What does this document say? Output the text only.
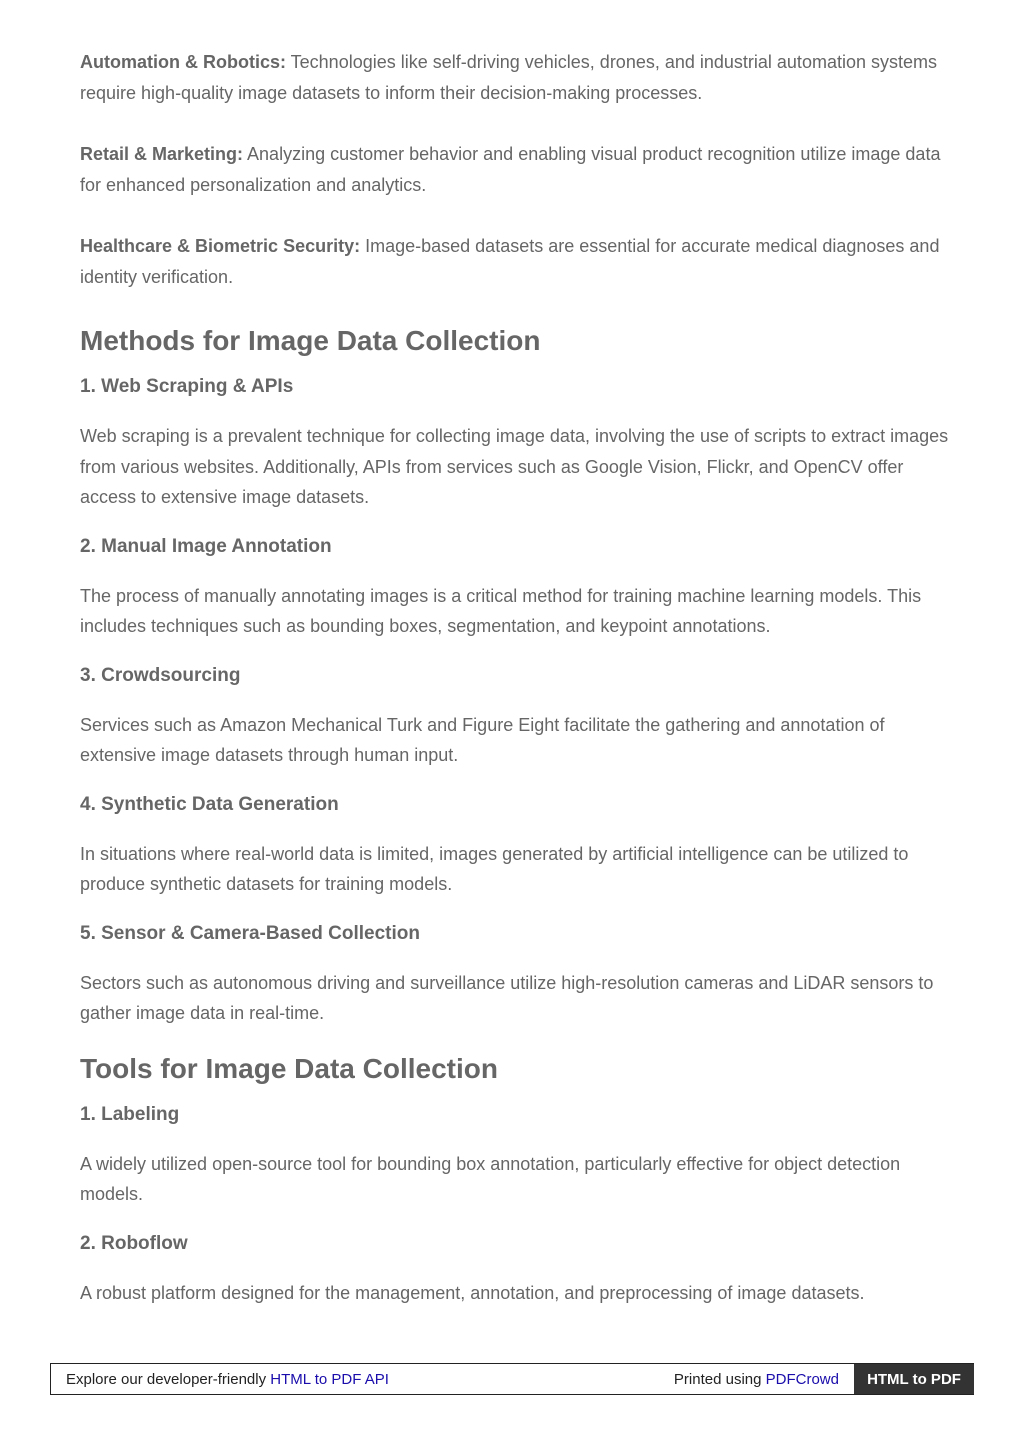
Automation & Robotics: Technologies like self-driving vehicles, drones, and industrial automation systems require high-quality image datasets to inform their decision-making processes.

Retail & Marketing: Analyzing customer behavior and enabling visual product recognition utilize image data for enhanced personalization and analytics.

Healthcare & Biometric Security: Image-based datasets are essential for accurate medical diagnoses and identity verification.

Methods for Image Data Collection
1. Web Scraping & APIs

Web scraping is a prevalent technique for collecting image data, involving the use of scripts to extract images from various websites. Additionally, APIs from services such as Google Vision, Flickr, and OpenCV offer access to extensive image datasets.

2. Manual Image Annotation

The process of manually annotating images is a critical method for training machine learning models. This includes techniques such as bounding boxes, segmentation, and keypoint annotations.

3. Crowdsourcing

Services such as Amazon Mechanical Turk and Figure Eight facilitate the gathering and annotation of extensive image datasets through human input.

4. Synthetic Data Generation

In situations where real-world data is limited, images generated by artificial intelligence can be utilized to produce synthetic datasets for training models.

5. Sensor & Camera-Based Collection

Sectors such as autonomous driving and surveillance utilize high-resolution cameras and LiDAR sensors to gather image data in real-time.

Tools for Image Data Collection
1. Labeling

A widely utilized open-source tool for bounding box annotation, particularly effective for object detection models.

2. Roboflow

A robust platform designed for the management, annotation, and preprocessing of image datasets.

Explore our developer-friendly HTML to PDF API	Printed using PDFCrowd	HTML to PDF
